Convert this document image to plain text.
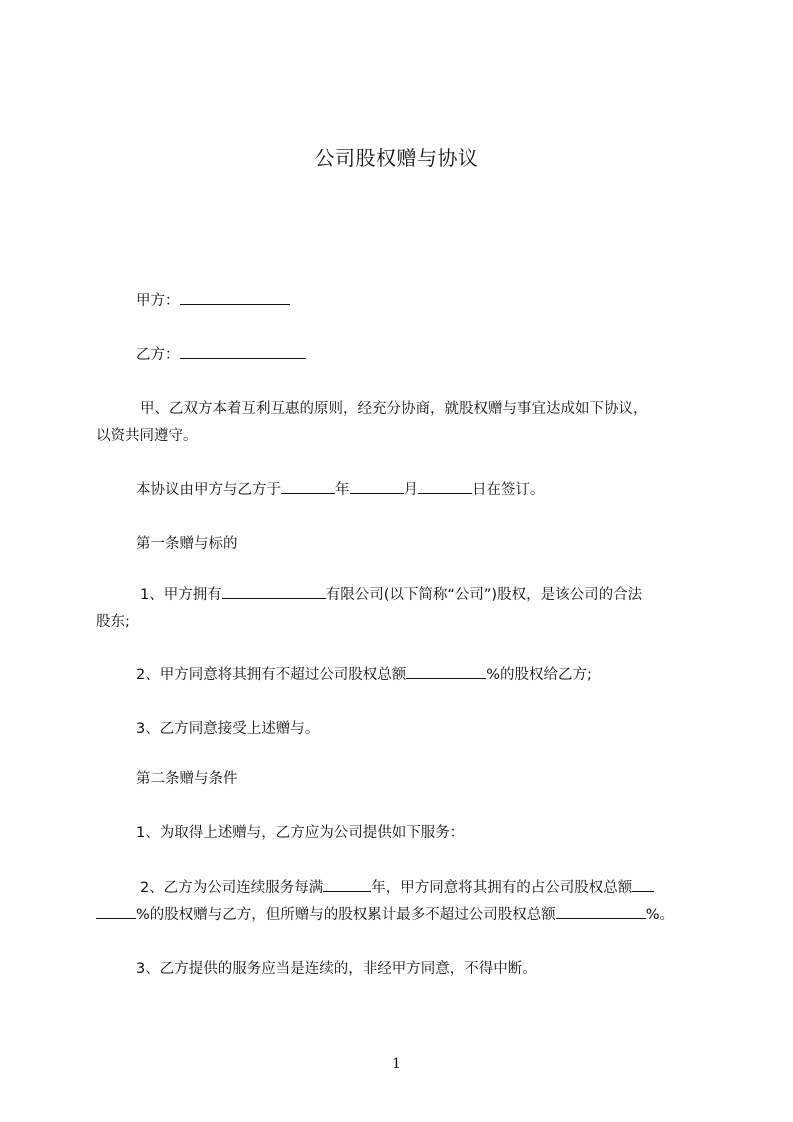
公司股权赠与协议
甲方：
乙方：
甲、乙双方本着互利互惠的原则，经充分协商，就股权赠与事宜达成如下协议，
以资共同遵守。
本协议由甲方与乙方于	年	月	日在签订。
第一条赠与标的
1、甲方拥有	有限公司(以下简称“公司”)股权，是该公司的合法
股东;
2、甲方同意将其拥有不超过公司股权总额	%的股权给乙方;
3、乙方同意接受上述赠与。
第二条赠与条件
1、为取得上述赠与，乙方应为公司提供如下服务：
2、乙方为公司连续服务每满	年，甲方同意将其拥有的占公司股权总额
%的股权赠与乙方，但所赠与的股权累计最多不超过公司股权总额	%。
3、乙方提供的服务应当是连续的，非经甲方同意，不得中断。
1
